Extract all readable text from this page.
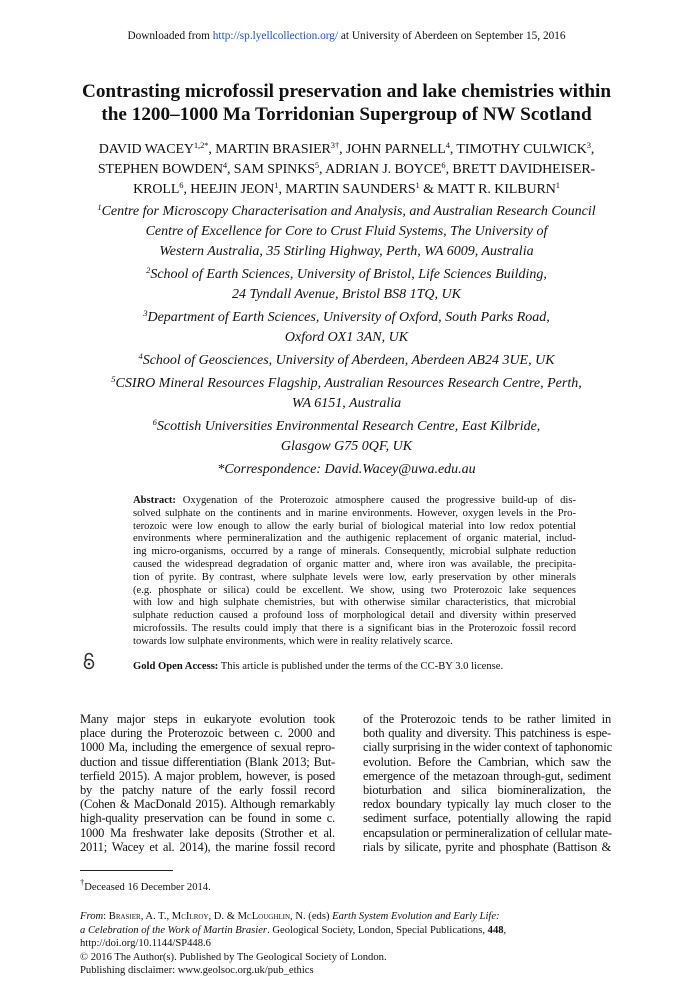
Downloaded from http://sp.lyellcollection.org/ at University of Aberdeen on September 15, 2016
Contrasting microfossil preservation and lake chemistries within
the 1200–1000 Ma Torridonian Supergroup of NW Scotland
DAVID $WACEY^{1,2*}$, MARTIN $BRASIER^{3\dagger}$, JOHN PARNELL$^4$, TIMOTHY CULWICK$^3$,
STEPHEN BOWDEN$^4$, SAM SPINKS$^5$, ADRIAN J. BOYCE$^6$, BRETT DAVIDHEISER-
KROLL$^6$, HEEJIN JEON$^1$, MARTIN SAUNDERS$^1$ & MATT R. KILBURN$^1$
$^1$Centre for Microscopy Characterisation and Analysis, and Australian Research Council
Centre of Excellence for Core to Crust Fluid Systems, The University of
Western Australia, 35 Stirling Highway, Perth, WA 6009, Australia
$^2$School of Earth Sciences, University of Bristol, Life Sciences Building,
24 Tyndall Avenue, Bristol BS8 1TQ, UK
$^3$Department of Earth Sciences, University of Oxford, South Parks Road,
Oxford OX1 3AN, UK
$^4$School of Geosciences, University of Aberdeen, Aberdeen AB24 3UE, UK
$^5$CSIRO Mineral Resources Flagship, Australian Resources Research Centre, Perth,
WA 6151, Australia
$^6$Scottish Universities Environmental Research Centre, East Kilbride,
Glasgow G75 0QF, UK
*Correspondence: David.Wacey@uwa.edu.au
Abstract: Oxygenation of the Proterozoic atmosphere caused the progressive build-up of dis-
solved sulphate on the continents and in marine environments. However, oxygen levels in the Pro-
terozoic were low enough to allow the early burial of biological material into low redox potential
environments where permineralization and the authigenic replacement of organic material, includ-
ing micro-organisms, occurred by a range of minerals. Consequently, microbial sulphate reduction
caused the widespread degradation of organic matter and, where iron was available, the precipita-
tion of pyrite. By contrast, where sulphate levels were low, early preservation by other minerals
(e.g. phosphate or silica) could be excellent. We show, using two Proterozoic lake sequences
with low and high sulphate chemistries, but with otherwise similar characteristics, that microbial
sulphate reduction caused a profound loss of morphological detail and diversity within preserved
microfossils. The results could imply that there is a significant bias in the Proterozoic fossil record
towards low sulphate environments, which were in reality relatively scarce.
Gold Open Access: This article is published under the terms of the CC-BY 3.0 license.
Many major steps in eukaryote evolution took
place during the Proterozoic between c. 2000 and
1000 Ma, including the emergence of sexual repro-
duction and tissue differentiation (Blank 2013; But-
terfield 2015). A major problem, however, is posed
by the patchy nature of the early fossil record
(Cohen & MacDonald 2015). Although remarkably
high-quality preservation can be found in some c.
1000 Ma freshwater lake deposits (Strother et al.
2011; Wacey et al. 2014), the marine fossil record
of the Proterozoic tends to be rather limited in
both quality and diversity. This patchiness is espe-
cially surprising in the wider context of taphonomic
evolution. Before the Cambrian, which saw the
emergence of the metazoan through-gut, sediment
bioturbation and silica biomineralization, the
redox boundary typically lay much closer to the
sediment surface, potentially allowing the rapid
encapsulation or permineralization of cellular mate-
rials by silicate, pyrite and phosphate (Battison &
†Deceased 16 December 2014.
From: Brasier, A. T., McIlroy, D. & McLoughlin, N. (eds) Earth System Evolution and Early Life:
a Celebration of the Work of Martin Brasier. Geological Society, London, Special Publications, 448,
http://doi.org/10.1144/SP448.6
© 2016 The Author(s). Published by The Geological Society of London.
Publishing disclaimer: www.geolsoc.org.uk/pub_ethics
